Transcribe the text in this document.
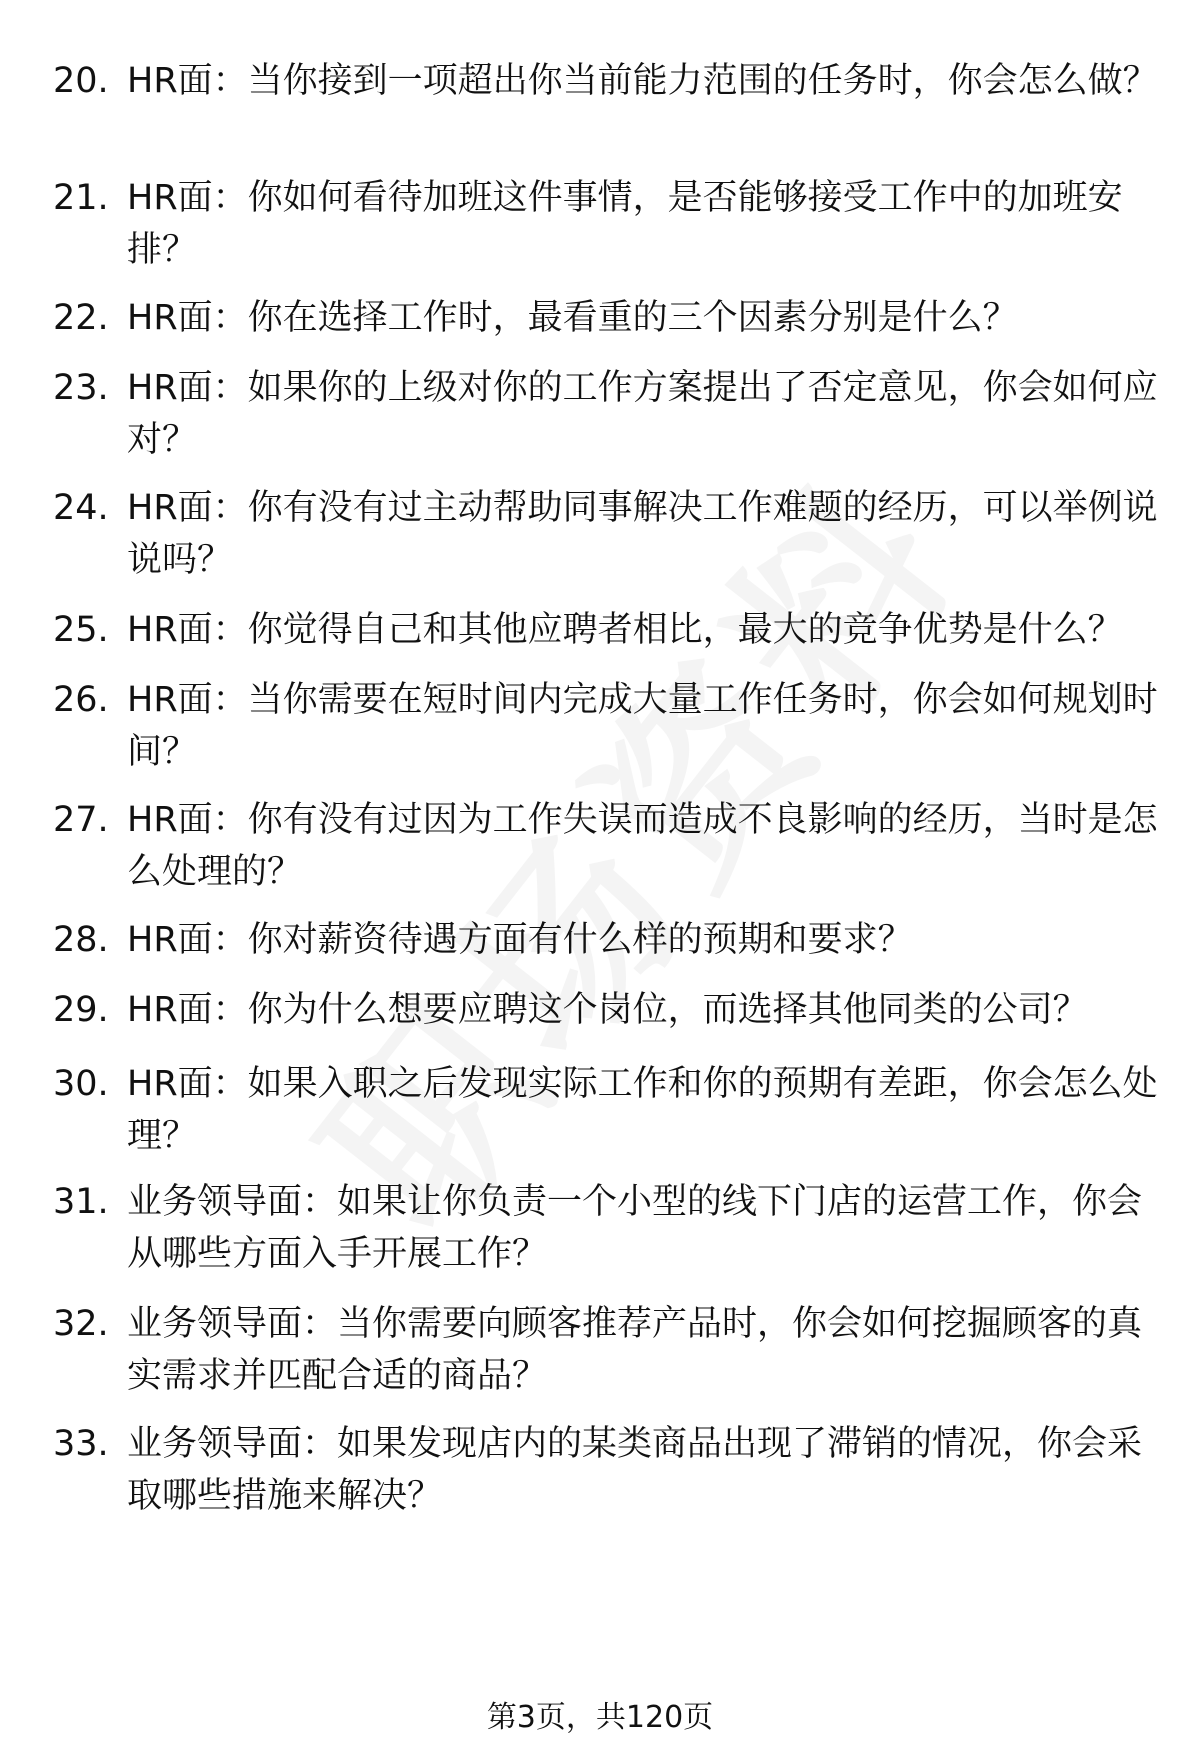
20. HR面：当你接到一项超出你当前能力范围的任务时，你会怎么做？
21. HR面：你如何看待加班这件事情，是否能够接受工作中的加班安排？
22. HR面：你在选择工作时，最看重的三个因素分别是什么？
23. HR面：如果你的上级对你的工作方案提出了否定意见，你会如何应对？
24. HR面：你有没有过主动帮助同事解决工作难题的经历，可以举例说说吗？
25. HR面：你觉得自己和其他应聘者相比，最大的竞争优势是什么？
26. HR面：当你需要在短时间内完成大量工作任务时，你会如何规划时间？
27. HR面：你有没有过因为工作失误而造成不良影响的经历，当时是怎么处理的？
28. HR面：你对薪资待遇方面有什么样的预期和要求？
29. HR面：你为什么想要应聘这个岗位，而选择其他同类的公司？
30. HR面：如果入职之后发现实际工作和你的预期有差距，你会怎么处理？
31. 业务领导面：如果让你负责一个小型的线下门店的运营工作，你会从哪些方面入手开展工作？
32. 业务领导面：当你需要向顾客推荐产品时，你会如何挖掘顾客的真实需求并匹配合适的商品？
33. 业务领导面：如果发现店内的某类商品出现了滞销的情况，你会采取哪些措施来解决？
第3页，共120页
